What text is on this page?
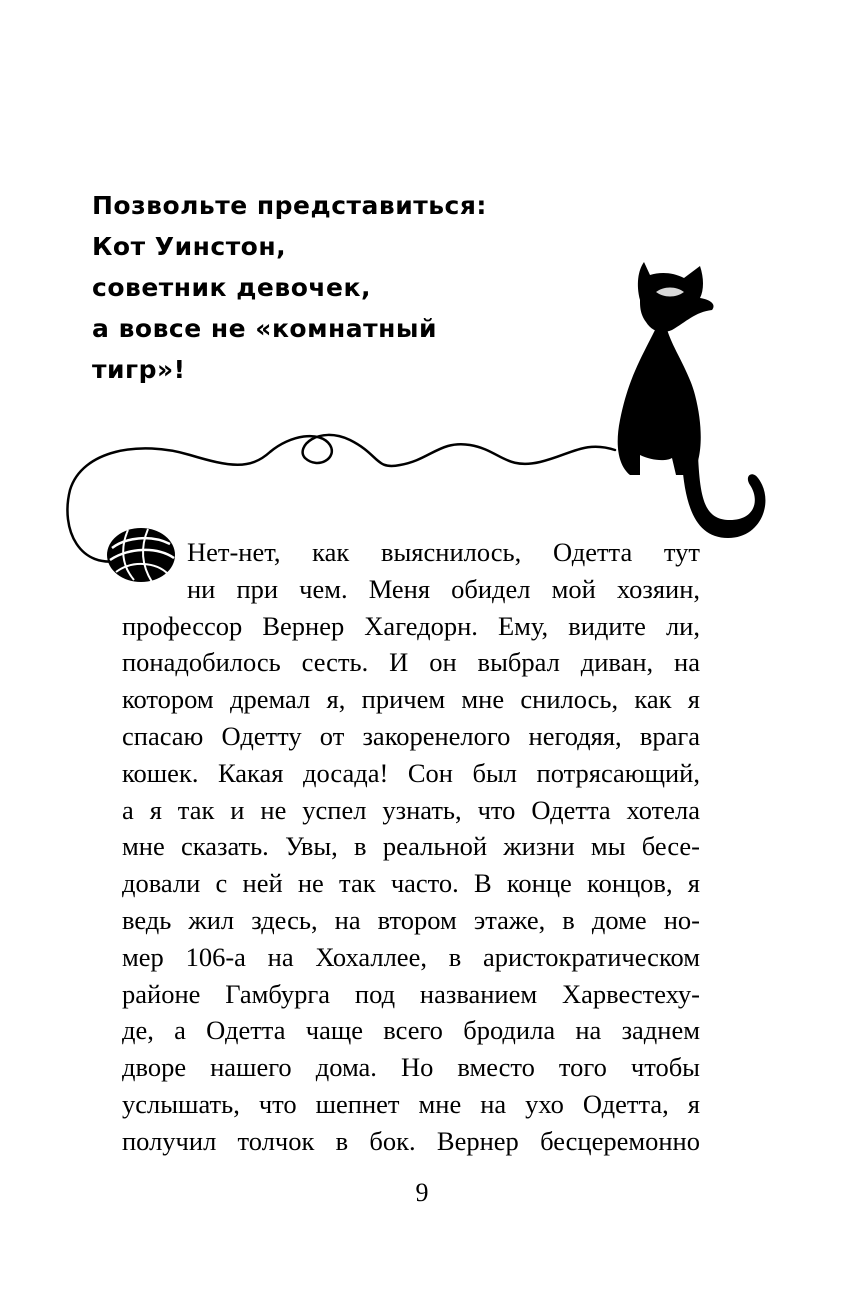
Позвольте представиться:
Кот Уинстон,
советник девочек,
а вовсе не «комнатный
тигр»!
Нет-нет, как выяснилось, Одетта тут
ни при чем. Меня обидел мой хозяин,
профессор Вернер Хагедорн. Ему, видите ли,
понадобилось сесть. И он выбрал диван, на
котором дремал я, причем мне снилось, как я
спасаю Одетту от закоренелого негодяя, врага
кошек. Какая досада! Сон был потрясающий,
а я так и не успел узнать, что Одетта хотела
мне сказать. Увы, в реальной жизни мы бесе-
довали с ней не так часто. В конце концов, я
ведь жил здесь, на втором этаже, в доме но-
мер 106-а на Хохаллее, в аристократическом
районе Гамбурга под названием Харвестеху-
де, а Одетта чаще всего бродила на заднем
дворе нашего дома. Но вместо того чтобы
услышать, что шепнет мне на ухо Одетта, я
получил толчок в бок. Вернер бесцеремонно
9
